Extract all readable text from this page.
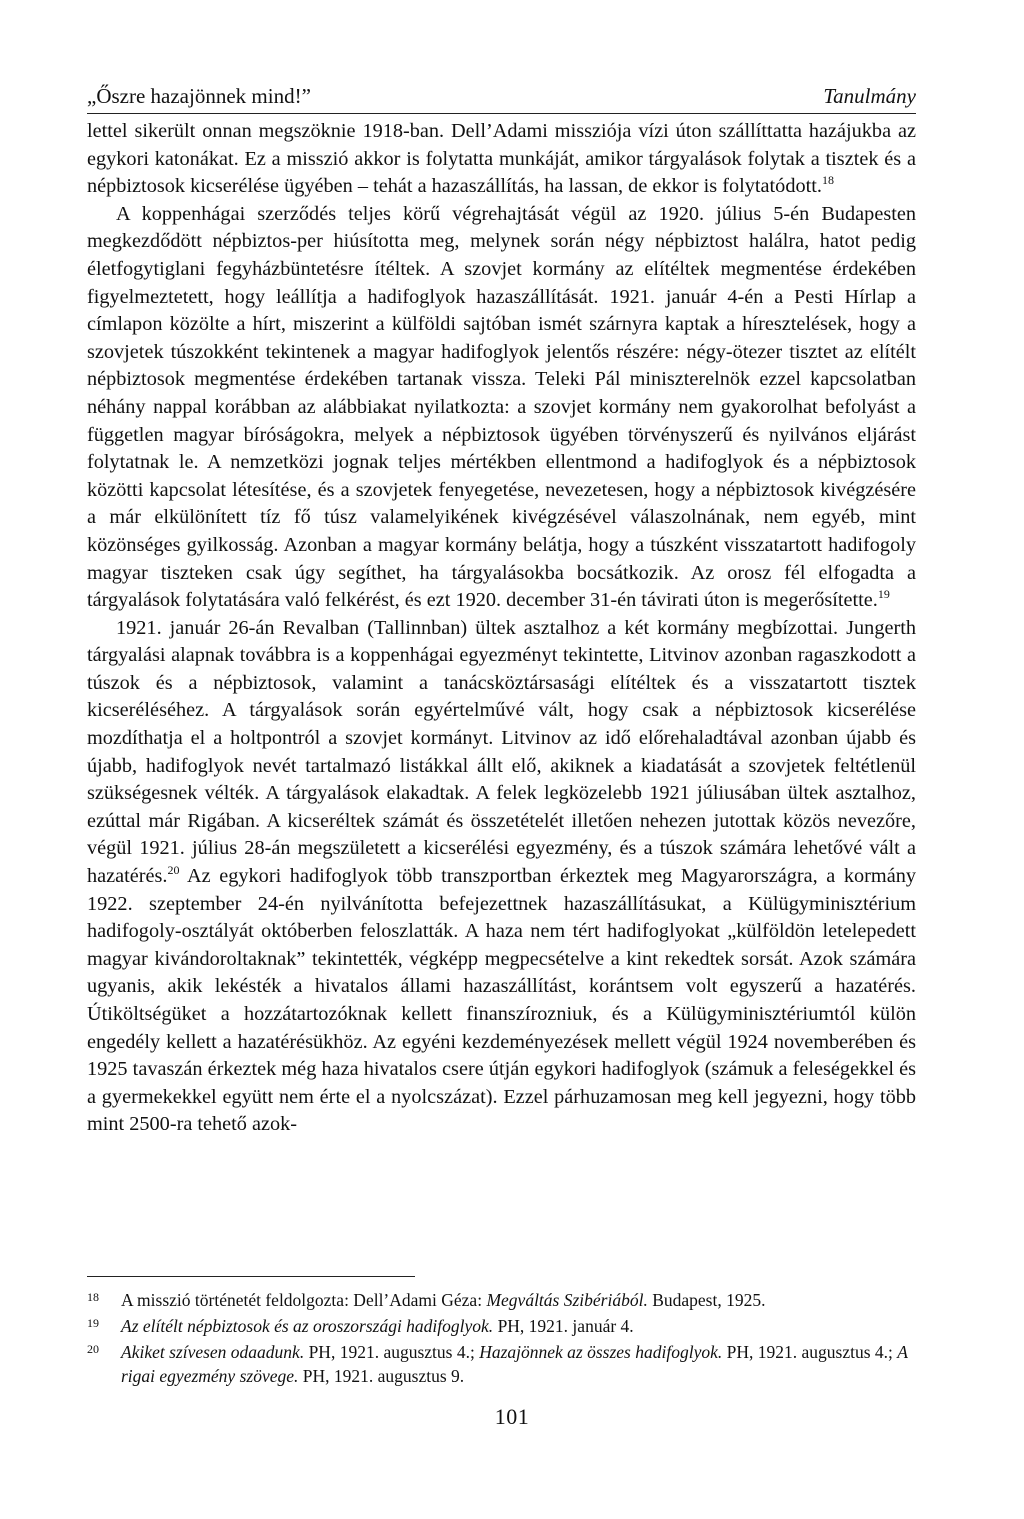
„Őszre hazajönnek mind!”	Tanulmány

lettel sikerült onnan megszöknie 1918-ban. Dell’Adami missziója vízi úton szállíttatta hazájukba az egykori katonákat. Ez a misszió akkor is folytatta munkáját, amikor tárgyalások folytak a tisztek és a népbiztosok kicserélése ügyében – tehát a hazaszállítás, ha lassan, de ekkor is folytatódott.$^{18}$

A koppenhágai szerződés teljes körű végrehajtását végül az 1920. július 5-én Budapesten megkezdődött népbiztos-per hiúsította meg, melynek során négy népbiztost halálra, hatot pedig életfogytiglani fegyházbüntetésre ítéltek. A szovjet kormány az elítéltek megmentése érdekében figyelmeztetett, hogy leállítja a hadifoglyok hazaszállítását. 1921. január 4-én a Pesti Hírlap a címlapon közölte a hírt, miszerint a külföldi sajtóban ismét szárnyra kaptak a híresztelések, hogy a szovjetek túszokként tekintenek a magyar hadifoglyok jelentős részére: négy-ötezer tisztet az elítélt népbiztosok megmentése érdekében tartanak vissza. Teleki Pál miniszterelnök ezzel kapcsolatban néhány nappal korábban az alábbiakat nyilatkozta: a szovjet kormány nem gyakorolhat befolyást a független magyar bíróságokra, melyek a népbiztosok ügyében törvényszerű és nyilvános eljárást folytatnak le. A nemzetközi jognak teljes mértékben ellentmond a hadifoglyok és a népbiztosok közötti kapcsolat létesítése, és a szovjetek fenyegetése, nevezetesen, hogy a népbiztosok kivégzésére a már elkülönített tíz fő túsz valamelyikének kivégzésével válaszolnának, nem egyéb, mint közönséges gyilkosság. Azonban a magyar kormány belátja, hogy a túszként visszatartott hadifogoly magyar tiszteken csak úgy segíthet, ha tárgyalásokba bocsátkozik. Az orosz fél elfogadta a tárgyalások folytatására való felkérést, és ezt 1920. december 31-én távirati úton is megerősítette.$^{19}$

1921. január 26-án Revalban (Tallinnban) ültek asztalhoz a két kormány megbízottai. Jungerth tárgyalási alapnak továbbra is a koppenhágai egyezményt tekintette, Litvinov azonban ragaszkodott a túszok és a népbiztosok, valamint a tanácsköztársasági elítéltek és a visszatartott tisztek kicseréléséhez. A tárgyalások során egyértelművé vált, hogy csak a népbiztosok kicserélése mozdíthatja el a holtpontról a szovjet kormányt. Litvinov az idő előrehaladtával azonban újabb és újabb, hadifoglyok nevét tartalmazó listákkal állt elő, akiknek a kiadatását a szovjetek feltétlenül szükségesnek vélték. A tárgyalások elakadtak. A felek legközelebb 1921 júliusában ültek asztalhoz, ezúttal már Rigában. A kicseréltek számát és összetételét illetően nehezen jutottak közös nevezőre, végül 1921. július 28-án megszületett a kicserélési egyezmény, és a túszok számára lehetővé vált a hazatérés.$^{20}$ Az egykori hadifoglyok több transzportban érkeztek meg Magyarországra, a kormány 1922. szeptember 24-én nyilvánította befejezettnek hazaszállításukat, a Külügyminisztérium hadifogoly-osztályát októberben feloszlatták. A haza nem tért hadifoglyokat „külföldön letelepedett magyar kivándoroltaknak” tekintették, végképp megpecsételve a kint rekedtek sorsát. Azok számára ugyanis, akik lekésték a hivatalos állami hazaszállítást, korántsem volt egyszerű a hazatérés. Útiköltségüket a hozzátartozóknak kellett finanszírozniuk, és a Külügyminisztériumtól külön engedély kellett a hazatérésükhöz. Az egyéni kezdeményezések mellett végül 1924 novemberében és 1925 tavaszán érkeztek még haza hivatalos csere útján egykori hadifoglyok (számuk a feleségekkel és a gyermekekkel együtt nem érte el a nyolcszázat). Ezzel párhuzamosan meg kell jegyezni, hogy több mint 2500-ra tehető azok-

18 A misszió történetét feldolgozta: Dell’Adami Géza: Megváltás Szibériából. Budapest, 1925.
19 Az elítélt népbiztosok és az oroszországi hadifoglyok. PH, 1921. január 4.
20 Akiket szívesen odaadunk. PH, 1921. augusztus 4.; Hazajönnek az összes hadifoglyok. PH, 1921. augusztus 4.; A rigai egyezmény szövege. PH, 1921. augusztus 9.
101
